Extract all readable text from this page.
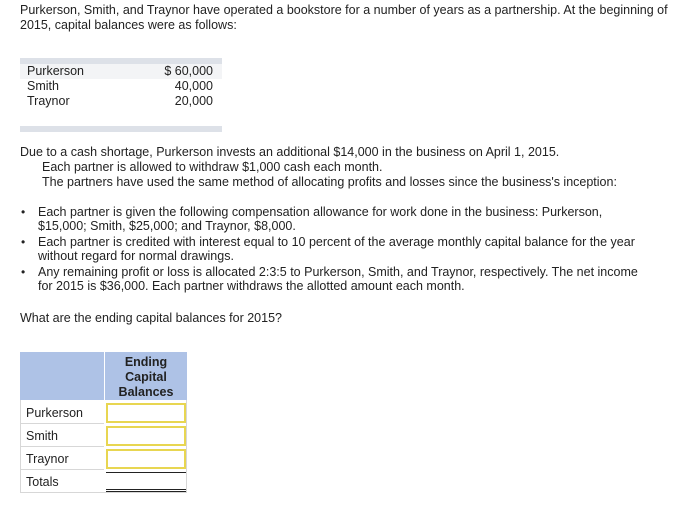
Purkerson, Smith, and Traynor have operated a bookstore for a number of years as a partnership. At the beginning of 2015, capital balances were as follows:

Purkerson	$ 60,000
Smith	40,000
Traynor	20,000

Due to a cash shortage, Purkerson invests an additional $14,000 in the business on April 1, 2015.

Each partner is allowed to withdraw $1,000 cash each month.
The partners have used the same method of allocating profits and losses since the business's inception:
• Each partner is given the following compensation allowance for work done in the business: Purkerson, $15,000; Smith, $25,000; and Traynor, $8,000.
• Each partner is credited with interest equal to 10 percent of the average monthly capital balance for the year without regard for normal drawings.
• Any remaining profit or loss is allocated 2:3:5 to Purkerson, Smith, and Traynor, respectively. The net income for 2015 is $36,000. Each partner withdraws the allotted amount each month.

What are the ending capital balances for 2015?

Ending Capital Balances
Purkerson
Smith
Traynor
Totals
